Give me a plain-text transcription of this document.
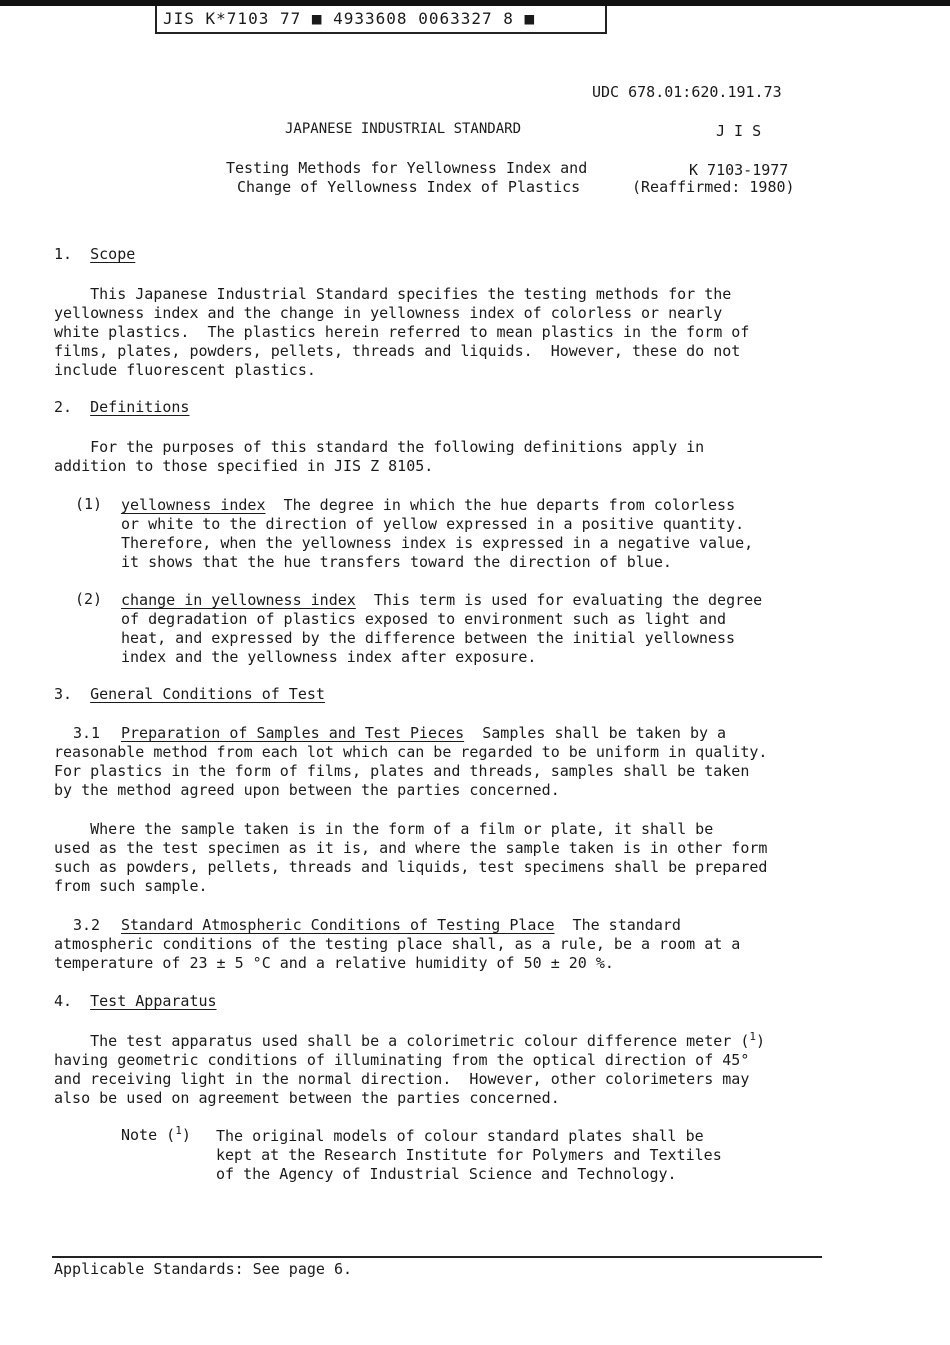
JIS K*7103 77 ■ 4933608 0063327 8 ■
UDC 678.01:620.191.73
JAPANESE INDUSTRIAL STANDARD	J I S
Testing Methods for Yellowness Index and
Change of Yellowness Index of Plastics
K 7103-1977
(Reaffirmed: 1980)
1. Scope
This Japanese Industrial Standard specifies the testing methods for the
yellowness index and the change in yellowness index of colorless or nearly
white plastics.  The plastics herein referred to mean plastics in the form of
films, plates, powders, pellets, threads and liquids.  However, these do not
include fluorescent plastics.
2. Definitions
For the purposes of this standard the following definitions apply in
addition to those specified in JIS Z 8105.
(1) yellowness index  The degree in which the hue departs from colorless
or white to the direction of yellow expressed in a positive quantity.
Therefore, when the yellowness index is expressed in a negative value,
it shows that the hue transfers toward the direction of blue.
(2) change in yellowness index  This term is used for evaluating the degree
of degradation of plastics exposed to environment such as light and
heat, and expressed by the difference between the initial yellowness
index and the yellowness index after exposure.
3. General Conditions of Test
3.1	Preparation of Samples and Test Pieces  Samples shall be taken by a
reasonable method from each lot which can be regarded to be uniform in quality.
For plastics in the form of films, plates and threads, samples shall be taken
by the method agreed upon between the parties concerned.
Where the sample taken is in the form of a film or plate, it shall be
used as the test specimen as it is, and where the sample taken is in other form
such as powders, pellets, threads and liquids, test specimens shall be prepared
from such sample.
3.2	Standard Atmospheric Conditions of Testing Place  The standard
atmospheric conditions of the testing place shall, as a rule, be a room at a
temperature of 23 ± 5 °C and a relative humidity of 50 ± 20 %.
4. Test Apparatus
The test apparatus used shall be a colorimetric colour difference meter ($^1$)
having geometric conditions of illuminating from the optical direction of 45°
and receiving light in the normal direction.  However, other colorimeters may
also be used on agreement between the parties concerned.
Note ($^1$) The original models of colour standard plates shall be
kept at the Research Institute for Polymers and Textiles
of the Agency of Industrial Science and Technology.
Applicable Standards: See page 6.
